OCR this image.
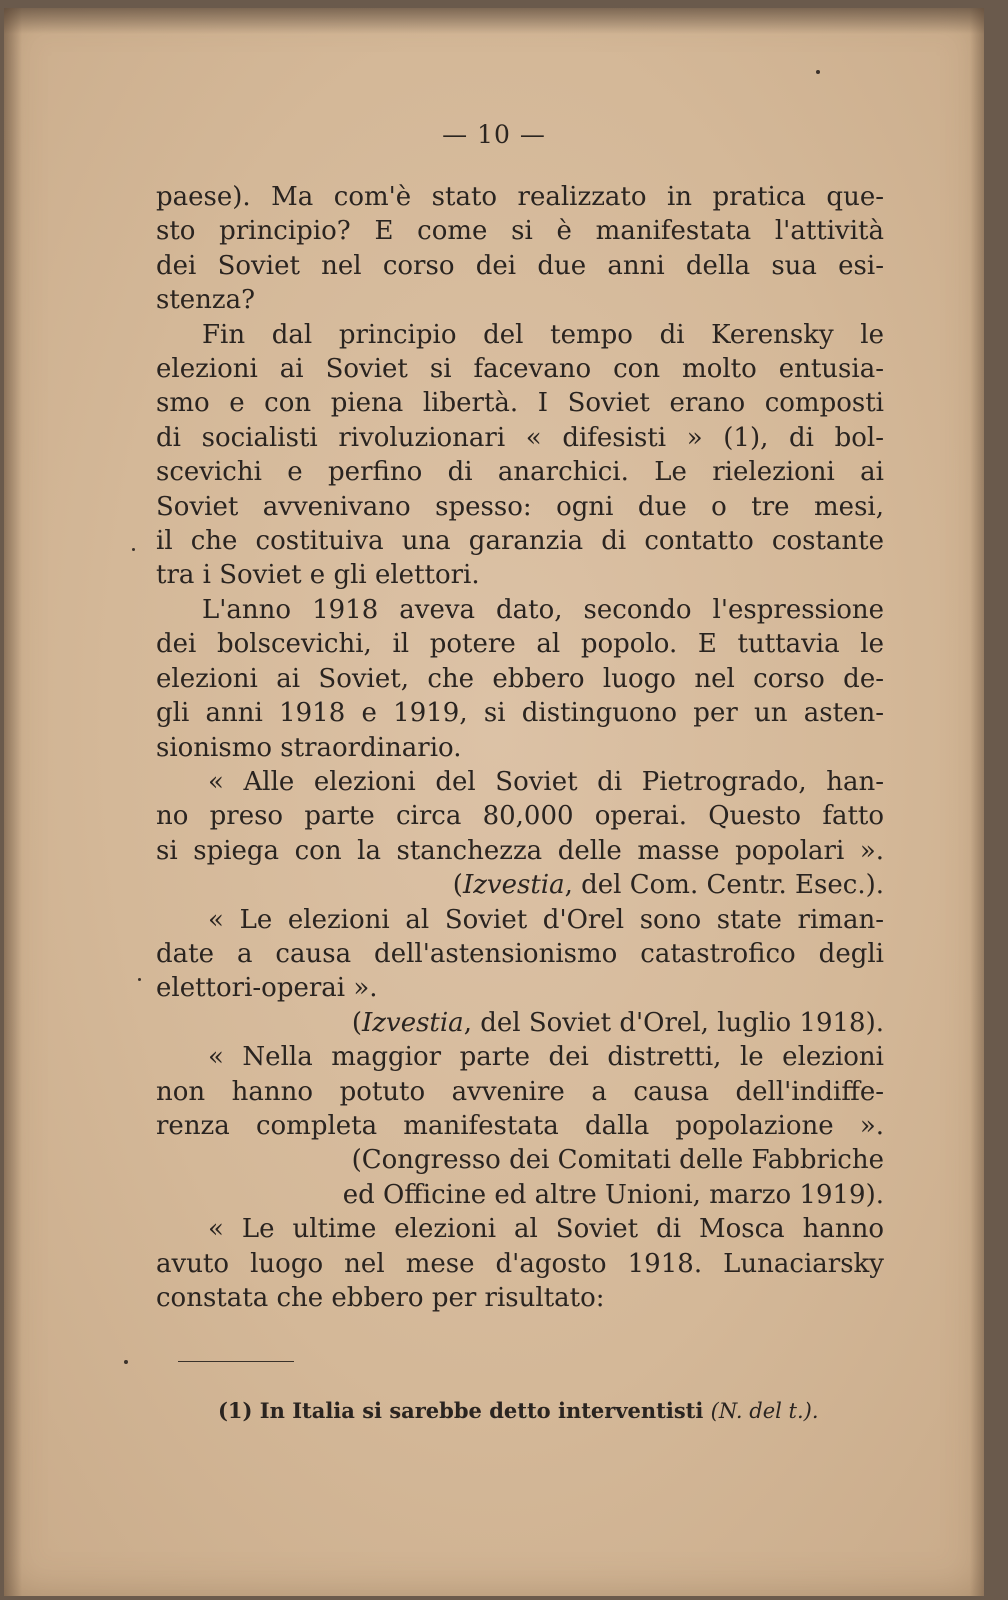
— 10 —
paese). Ma com'è stato realizzato in pratica que-
sto principio? E come si è manifestata l'attività
dei Soviet nel corso dei due anni della sua esi-
stenza?
Fin dal principio del tempo di Kerensky le
elezioni ai Soviet si facevano con molto entusia-
smo e con piena libertà. I Soviet erano composti
di socialisti rivoluzionari « difesisti » (1), di bol-
scevichi e perfino di anarchici. Le rielezioni ai
Soviet avvenivano spesso: ogni due o tre mesi,
il che costituiva una garanzia di contatto costante
tra i Soviet e gli elettori.
L'anno 1918 aveva dato, secondo l'espressione
dei bolscevichi, il potere al popolo. E tuttavia le
elezioni ai Soviet, che ebbero luogo nel corso de-
gli anni 1918 e 1919, si distinguono per un asten-
sionismo straordinario.
« Alle elezioni del Soviet di Pietrogrado, han-
no preso parte circa 80,000 operai. Questo fatto
si spiega con la stanchezza delle masse popolari ».
(Izvestia, del Com. Centr. Esec.).
« Le elezioni al Soviet d'Orel sono state riman-
date a causa dell'astensionismo catastrofico degli
elettori-operai ».
(Izvestia, del Soviet d'Orel, luglio 1918).
« Nella maggior parte dei distretti, le elezioni
non hanno potuto avvenire a causa dell'indiffe-
renza completa manifestata dalla popolazione ».
(Congresso dei Comitati delle Fabbriche
ed Officine ed altre Unioni, marzo 1919).
« Le ultime elezioni al Soviet di Mosca hanno
avuto luogo nel mese d'agosto 1918. Lunaciarsky
constata che ebbero per risultato:
(1) In Italia si sarebbe detto interventisti (N. del t.).
